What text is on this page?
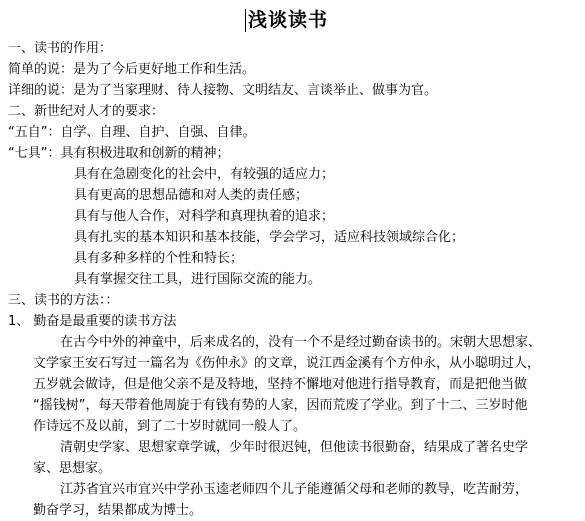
浅谈读书
一、读书的作用：
简单的说：是为了今后更好地工作和生活。
详细的说：是为了当家理财、待人接物、文明结友、言谈举止、做事为官。
二、新世纪对人才的要求：
“五自”：自学、自理、自护、自强、自律。
“七具”：具有积极进取和创新的精神；
具有在急剧变化的社会中，有较强的适应力；
具有更高的思想品德和对人类的责任感；
具有与他人合作，对科学和真理执着的追求；
具有扎实的基本知识和基本技能，学会学习，适应科技领域综合化；
具有多种多样的个性和特长；
具有掌握交往工具，进行国际交流的能力。
三、读书的方法：：
1、 勤奋是最重要的读书方法
在古今中外的神童中，后来成名的，没有一个不是经过勤奋读书的。宋朝大思想家、
文学家王安石写过一篇名为《伤仲永》的文章，说江西金溪有个方仲永，从小聪明过人，
五岁就会做诗，但是他父亲不是及特地，坚持不懈地对他进行指导教育，而是把他当做
“摇钱树”，每天带着他周旋于有钱有势的人家，因而荒废了学业。到了十二、三岁时他
作诗远不及以前，到了二十岁时就同一般人了。
清朝史学家、思想家章学诚，少年时很迟钝，但他读书很勤奋，结果成了著名史学
家、思想家。
江苏省宜兴市宜兴中学孙玉逵老师四个儿子能遵循父母和老师的教导，吃苦耐劳，
勤奋学习，结果都成为博士。
